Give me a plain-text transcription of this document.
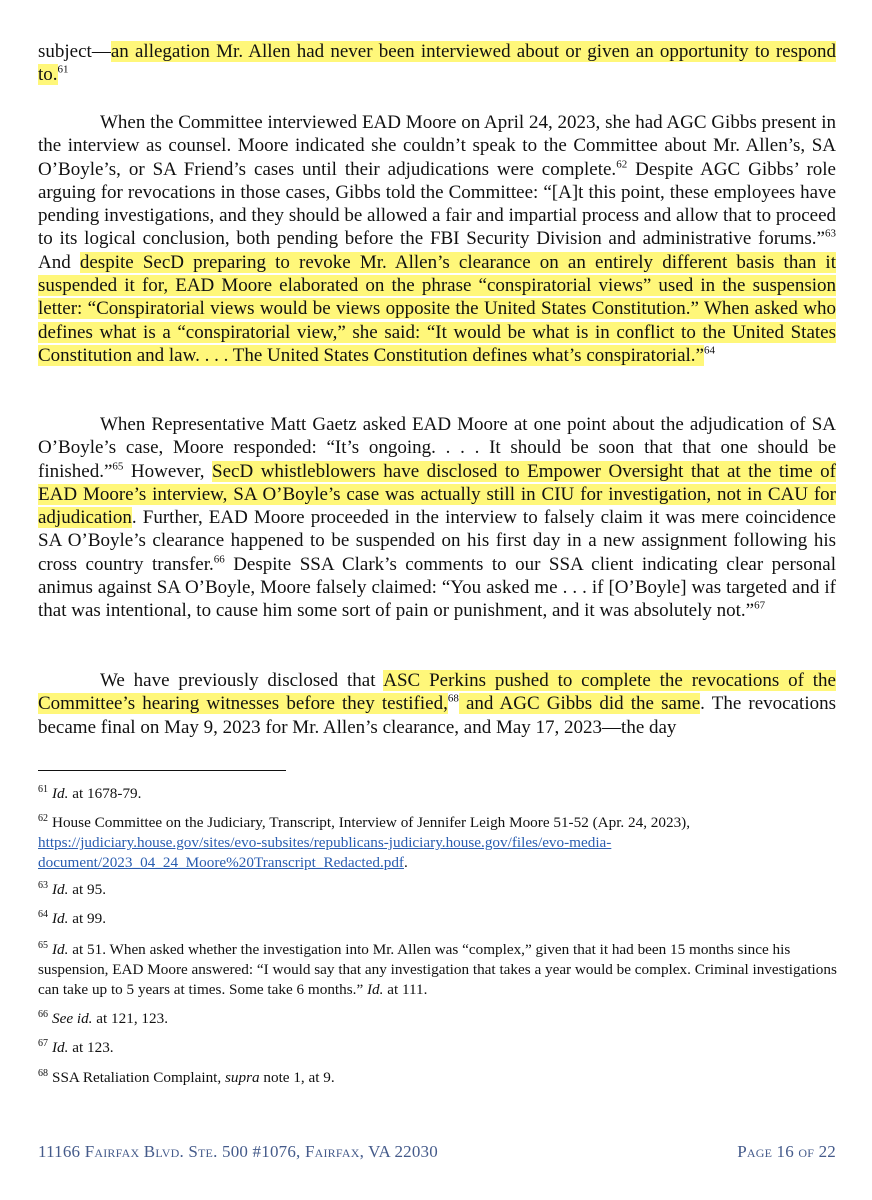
subject—an allegation Mr. Allen had never been interviewed about or given an opportunity to respond to.$^{61}$

When the Committee interviewed EAD Moore on April 24, 2023, she had AGC Gibbs present in the interview as counsel. Moore indicated she couldn’t speak to the Committee about Mr. Allen’s, SA O’Boyle’s, or SA Friend’s cases until their adjudications were complete.$^{62}$ Despite AGC Gibbs’ role arguing for revocations in those cases, Gibbs told the Committee: “[A]t this point, these employees have pending investigations, and they should be allowed a fair and impartial process and allow that to proceed to its logical conclusion, both pending before the FBI Security Division and administrative forums.”$^{63}$ And despite SecD preparing to revoke Mr. Allen’s clearance on an entirely different basis than it suspended it for, EAD Moore elaborated on the phrase “conspiratorial views” used in the suspension letter: “Conspiratorial views would be views opposite the United States Constitution.” When asked who defines what is a “conspiratorial view,” she said: “It would be what is in conflict to the United States Constitution and law. . . . The United States Constitution defines what’s conspiratorial.”$^{64}$

When Representative Matt Gaetz asked EAD Moore at one point about the adjudication of SA O’Boyle’s case, Moore responded: “It’s ongoing. . . . It should be soon that that one should be finished.”$^{65}$ However, SecD whistleblowers have disclosed to Empower Oversight that at the time of EAD Moore’s interview, SA O’Boyle’s case was actually still in CIU for investigation, not in CAU for adjudication. Further, EAD Moore proceeded in the interview to falsely claim it was mere coincidence SA O’Boyle’s clearance happened to be suspended on his first day in a new assignment following his cross country transfer.$^{66}$ Despite SSA Clark’s comments to our SSA client indicating clear personal animus against SA O’Boyle, Moore falsely claimed: “You asked me . . . if [O’Boyle] was targeted and if that was intentional, to cause him some sort of pain or punishment, and it was absolutely not.”$^{67}$

We have previously disclosed that ASC Perkins pushed to complete the revocations of the Committee’s hearing witnesses before they testified,$^{68}$ and AGC Gibbs did the same. The revocations became final on May 9, 2023 for Mr. Allen’s clearance, and May 17, 2023—the day

$^{61}$ Id. at 1678-79.
$^{62}$ House Committee on the Judiciary, Transcript, Interview of Jennifer Leigh Moore 51-52 (Apr. 24, 2023), https://judiciary.house.gov/sites/evo-subsites/republicans-judiciary.house.gov/files/evo-media-
document/2023_04_24_Moore%20Transcript_Redacted.pdf.
$^{63}$ Id. at 95.
$^{64}$ Id. at 99.
$^{65}$ Id. at 51. When asked whether the investigation into Mr. Allen was “complex,” given that it had been 15 months since his suspension, EAD Moore answered: “I would say that any investigation that takes a year would be complex. Criminal investigations can take up to 5 years at times. Some take 6 months.” Id. at 111.
$^{66}$ See id. at 121, 123.
$^{67}$ Id. at 123.
$^{68}$ SSA Retaliation Complaint, supra note 1, at 9.
11166 Fairfax Blvd. Ste. 500 #1076, Fairfax, VA 22030	Page 16 of 22
